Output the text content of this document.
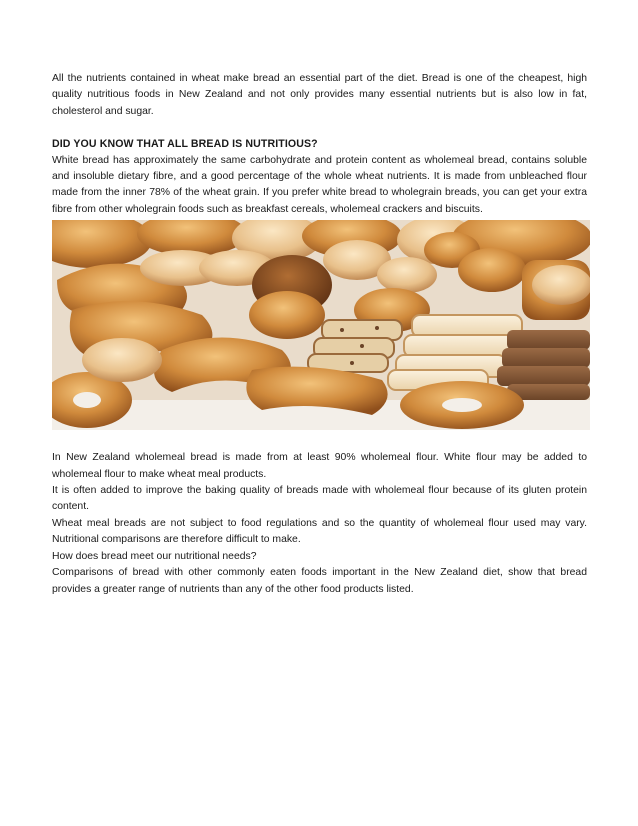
All the nutrients contained in wheat make bread an essential part of the diet. Bread is one of the cheapest, high quality nutritious foods in New Zealand and not only provides many essential nutrients but is also low in fat, cholesterol and sugar.

DID YOU KNOW THAT ALL BREAD IS NUTRITIOUS?

White bread has approximately the same carbohydrate and protein content as wholemeal bread, contains soluble and insoluble dietary fibre, and a good percentage of the whole wheat nutrients. It is made from unbleached flour made from the inner 78% of the wheat grain. If you prefer white bread to wholegrain breads, you can get your extra fibre from other wholegrain foods such as breakfast cereals, wholemeal crackers and biscuits.

In New Zealand wholemeal bread is made from at least 90% wholemeal flour. White flour may be added to wholemeal flour to make wheat meal products.

It is often added to improve the baking quality of breads made with wholemeal flour because of its gluten protein content.

Wheat meal breads are not subject to food regulations and so the quantity of wholemeal flour used may vary. Nutritional comparisons are therefore difficult to make.

How does bread meet our nutritional needs?

Comparisons of bread with other commonly eaten foods important in the New Zealand diet, show that bread provides a greater range of nutrients than any of the other food products listed.
